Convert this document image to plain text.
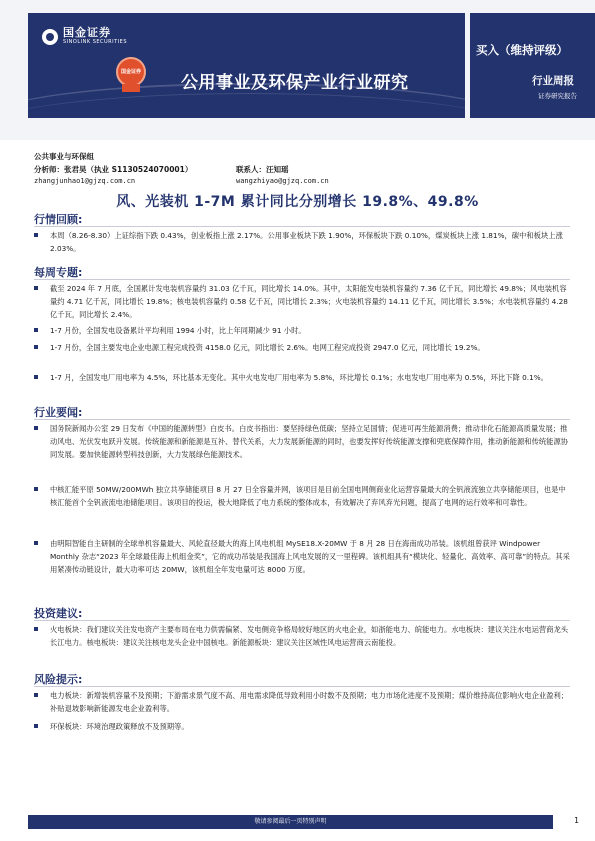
国金证券
SINOLINK SECURITIES
国金证券
公用事业及环保产业行业研究
买入（维持评级）
行业周报
证券研究报告
公共事业与环保组
分析师：张君昊（执业 S1130524070001）	联系人：汪知瑶
zhangjunhao1@gjzq.com.cn	wangzhiyao@gjzq.com.cn
风、光装机 1-7M 累计同比分别增长 19.8%、49.8%
行情回顾:
本周（8.26-8.30）上证综指下跌 0.43%，创业板指上涨 2.17%。公用事业板块下跌 1.90%，环保板块下跌 0.10%，煤炭板块上涨 1.81%，碳中和板块上涨 2.03%。
每周专题:
截至 2024 年 7 月底，全国累计发电装机容量约 31.03 亿千瓦，同比增长 14.0%。其中，太阳能发电装机容量约 7.36 亿千瓦，同比增长 49.8%；风电装机容量约 4.71 亿千瓦，同比增长 19.8%；核电装机容量约 0.58 亿千瓦，同比增长 2.3%；火电装机容量约 14.11 亿千瓦，同比增长 3.5%；水电装机容量约 4.28 亿千瓦，同比增长 2.4%。
1-7 月份，全国发电设备累计平均利用 1994 小时，比上年同期减少 91 小时。
1-7 月份，全国主要发电企业电源工程完成投资 4158.0 亿元，同比增长 2.6%。电网工程完成投资 2947.0 亿元，同比增长 19.2%。
1-7 月，全国发电厂用电率为 4.5%，环比基本无变化。其中火电发电厂用电率为 5.8%，环比增长 0.1%；水电发电厂用电率为 0.5%，环比下降 0.1%。
行业要闻:
国务院新闻办公室 29 日发布《中国的能源转型》白皮书。白皮书指出：要坚持绿色低碳；坚持立足国情；促进可再生能源消费；推动非化石能源高质量发展；推动风电、光伏发电跃升发展。传统能源和新能源是互补、替代关系，大力发展新能源的同时，也要发挥好传统能源支撑和兜底保障作用，推动新能源和传统能源协同发展。要加快能源转型科技创新，大力发展绿色能源技术。
中核汇能平原 50MW/200MWh 独立共享储能项目 8 月 27 日全容量并网，该项目是目前全国电网侧商业化运营容量最大的全钒液流独立共享储能项目，也是中核汇能首个全钒液流电池储能项目。该项目的投运，极大地降低了电力系统的整体成本，有效解决了弃风弃光问题，提高了电网的运行效率和可靠性。
由明阳智能自主研制的全球单机容量最大、风轮直径最大的海上风电机组 MySE18.X-20MW 于 8 月 28 日在海南成功吊装。该机组曾获评 Windpower Monthly 杂志“2023 年全球最佳海上机组金奖”，它的成功吊装是我国海上风电发展的又一里程碑。该机组具有“模块化、轻量化、高效率、高可靠”的特点。其采用紧凑传动链设计，最大功率可达 20MW，该机组全年发电量可达 8000 万度。
投资建议:
火电板块：我们建议关注发电资产主要布局在电力供需偏紧、发电侧竞争格局较好地区的火电企业，如浙能电力、皖能电力。水电板块：建议关注水电运营商龙头长江电力。核电板块：建议关注核电龙头企业中国核电。新能源板块：建议关注区域性风电运营商云南能投。
风险提示:
电力板块：新增装机容量不及预期；下游需求景气度不高、用电需求降低导致利用小时数不及预期；电力市场化进度不及预期；煤价维持高位影响火电企业盈利；补贴退坡影响新能源发电企业盈利等。
环保板块：环境治理政策释放不及预期等。
敬请参阅最后一页特别声明	1
